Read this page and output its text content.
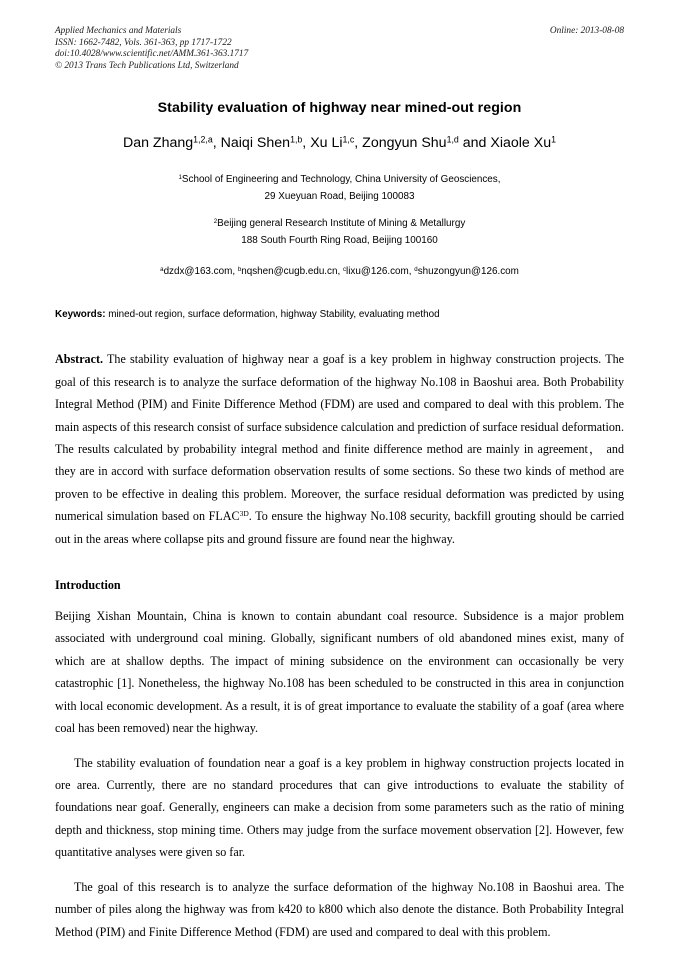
Applied Mechanics and Materials
ISSN: 1662-7482, Vols. 361-363, pp 1717-1722
doi:10.4028/www.scientific.net/AMM.361-363.1717
© 2013 Trans Tech Publications Ltd, Switzerland
Online: 2013-08-08
Stability evaluation of highway near mined-out region
Dan Zhang$^{1,2,a}$, Naiqi Shen$^{1,b}$, Xu Li$^{1,c}$, Zongyun Shu$^{1,d}$ and Xiaole Xu$^1$
$^1$School of Engineering and Technology, China University of Geosciences,
29 Xueyuan Road, Beijing 100083
$^2$Beijing general Research Institute of Mining & Metallurgy
188 South Fourth Ring Road, Beijing 100160
$^a$dzdx@163.com, $^b$nqshen@cugb.edu.cn, $^c$lixu@126.com, $^d$shuzongyun@126.com
Keywords: mined-out region, surface deformation, highway Stability, evaluating method
Abstract. The stability evaluation of highway near a goaf is a key problem in highway construction projects. The goal of this research is to analyze the surface deformation of the highway No.108 in Baoshui area. Both Probability Integral Method (PIM) and Finite Difference Method (FDM) are used and compared to deal with this problem. The main aspects of this research consist of surface subsidence calculation and prediction of surface residual deformation. The results calculated by probability integral method and finite difference method are mainly in agreement， and they are in accord with surface deformation observation results of some sections. So these two kinds of method are proven to be effective in dealing this problem. Moreover, the surface residual deformation was predicted by using numerical simulation based on $FLAC^{3D}$. To ensure the highway No.108 security, backfill grouting should be carried out in the areas where collapse pits and ground fissure are found near the highway.
Introduction

Beijing Xishan Mountain, China is known to contain abundant coal resource. Subsidence is a major problem associated with underground coal mining. Globally, significant numbers of old abandoned mines exist, many of which are at shallow depths. The impact of mining subsidence on the environment can occasionally be very catastrophic [1]. Nonetheless, the highway No.108 has been scheduled to be constructed in this area in conjunction with local economic development. As a result, it is of great importance to evaluate the stability of a goaf (area where coal has been removed) near the highway.

The stability evaluation of foundation near a goaf is a key problem in highway construction projects located in ore area. Currently, there are no standard procedures that can give introductions to evaluate the stability of foundations near goaf. Generally, engineers can make a decision from some parameters such as the ratio of mining depth and thickness, stop mining time. Others may judge from the surface movement observation [2]. However, few quantitative analyses were given so far.

The goal of this research is to analyze the surface deformation of the highway No.108 in Baoshui area. The number of piles along the highway was from k420 to k800 which also denote the distance. Both Probability Integral Method (PIM) and Finite Difference Method (FDM) are used and compared to deal with this problem.
